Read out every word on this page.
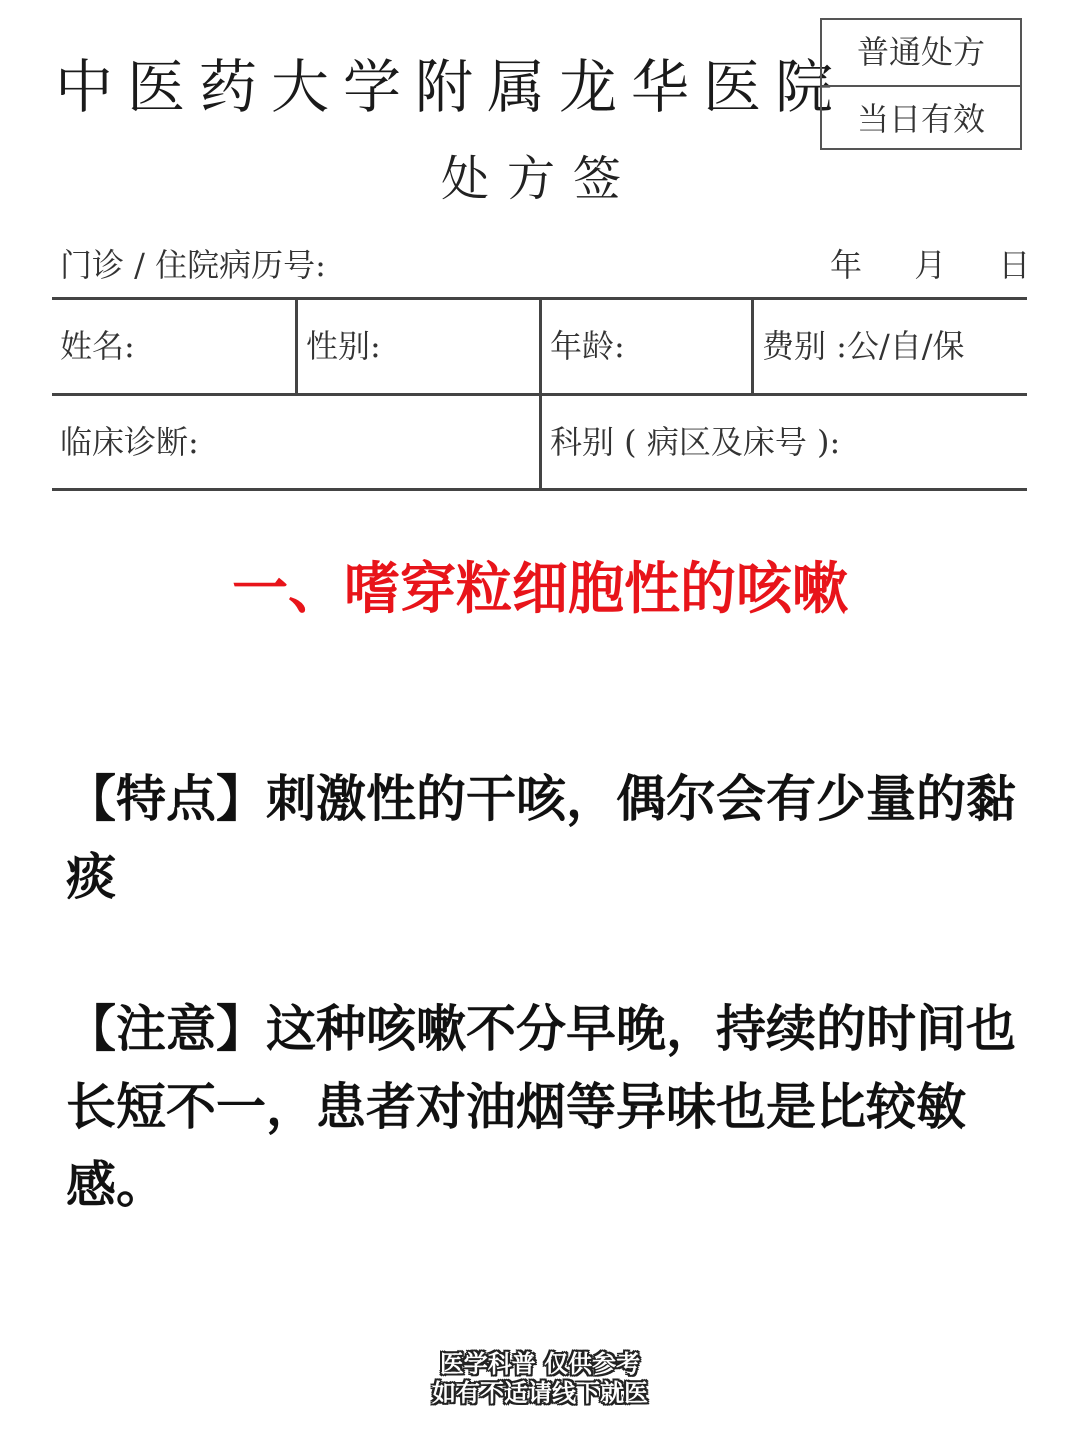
中医药大学附属龙华医院
普通处方
当日有效
处方签
门诊 / 住院病历号:	年 月 日
姓名:	性别:	年龄:	费别 :公/自/保
临床诊断:	科别 ( 病区及床号 ):
一、嗜穿粒细胞性的咳嗽
【特点】刺激性的干咳，偶尔会有少量的黏痰
【注意】这种咳嗽不分早晚，持续的时间也长短不一，患者对油烟等异味也是比较敏感。
医学科普 仅供参考
如有不适请线下就医
